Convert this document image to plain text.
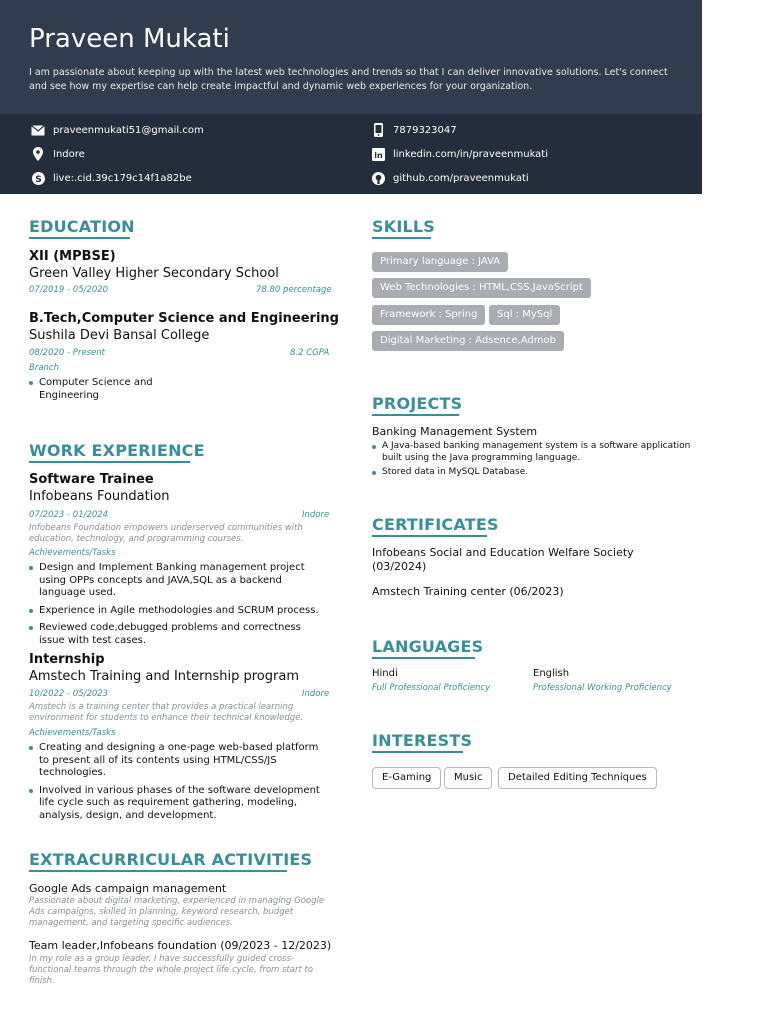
Praveen Mukati
I am passionate about keeping up with the latest web technologies and trends so that I can deliver innovative solutions. Let's connect and see how my expertise can help create impactful and dynamic web experiences for your organization.
praveenmukati51@gmail.com
Indore
S live:.cid.39c179c14f1a82be
7879323047
in linkedin.com/in/praveenmukati
github.com/praveenmukati
EDUCATION
XII (MPBSE)
Green Valley Higher Secondary School
07/2019 - 05/2020	78.80 percentage
B.Tech,Computer Science and Engineering
Sushila Devi Bansal College
08/2020 - Present	8.2 CGPA
Branch
Computer Science and Engineering
WORK EXPERIENCE
Software Trainee
Infobeans Foundation
07/2023 - 01/2024	Indore
Infobeans Foundation empowers underserved communities with education, technology, and programming courses.
Achievements/Tasks
Design and Implement Banking management project using OPPs concepts and JAVA,SQL as a backend language used.
Experience in Agile methodologies and SCRUM process.
Reviewed code,debugged problems and correctness issue with test cases.
Internship
Amstech Training and Internship program
10/2022 - 05/2023	Indore
Amstech is a training center that provides a practical learning environment for students to enhance their technical knowledge.
Achievements/Tasks
Creating and designing a one-page web-based platform to present all of its contents using HTML/CSS/JS technologies.
Involved in various phases of the software development life cycle such as requirement gathering, modeling, analysis, design, and development.
EXTRACURRICULAR ACTIVITIES
Google Ads campaign management
Passionate about digital marketing, experienced in managing Google Ads campaigns, skilled in planning, keyword research, budget management, and targeting specific audiences.
Team leader,Infobeans foundation (09/2023 - 12/2023)
In my role as a group leader, I have successfully guided cross-functional teams through the whole project life cycle, from start to finish.
SKILLS
Primary language : JAVA
Web Technologies : HTML,CSS,JavaScript
Framework : Spring	Sql : MySql
Digital Marketing : Adsence,Admob
PROJECTS
Banking Management System
A Java-based banking management system is a software application built using the Java programming language.
Stored data in MySQL Database.
CERTIFICATES
Infobeans Social and Education Welfare Society (03/2024)
Amstech Training center (06/2023)
LANGUAGES
Hindi
Full Professional Proficiency
English
Professional Working Proficiency
INTERESTS
E-Gaming	Music	Detailed Editing Techniques
